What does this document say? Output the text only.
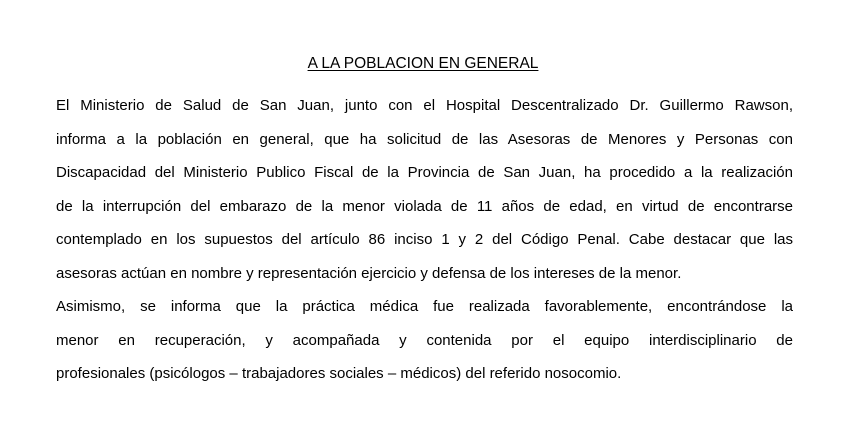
A LA POBLACION EN GENERAL
El Ministerio de Salud de San Juan, junto con el Hospital Descentralizado Dr. Guillermo Rawson,
informa a la población en general, que ha solicitud de las Asesoras de Menores y Personas con
Discapacidad del Ministerio Publico Fiscal de la Provincia de San Juan, ha procedido a la realización
de la interrupción del embarazo de la menor violada de 11 años de edad, en virtud de encontrarse
contemplado en los supuestos del artículo 86 inciso 1 y 2 del Código Penal. Cabe destacar que las
asesoras actúan en nombre y representación ejercicio y defensa de los intereses de la menor.
Asimismo, se informa que la práctica médica fue realizada favorablemente, encontrándose la
menor en recuperación, y acompañada y contenida por el equipo interdisciplinario de
profesionales (psicólogos – trabajadores sociales – médicos) del referido nosocomio.
